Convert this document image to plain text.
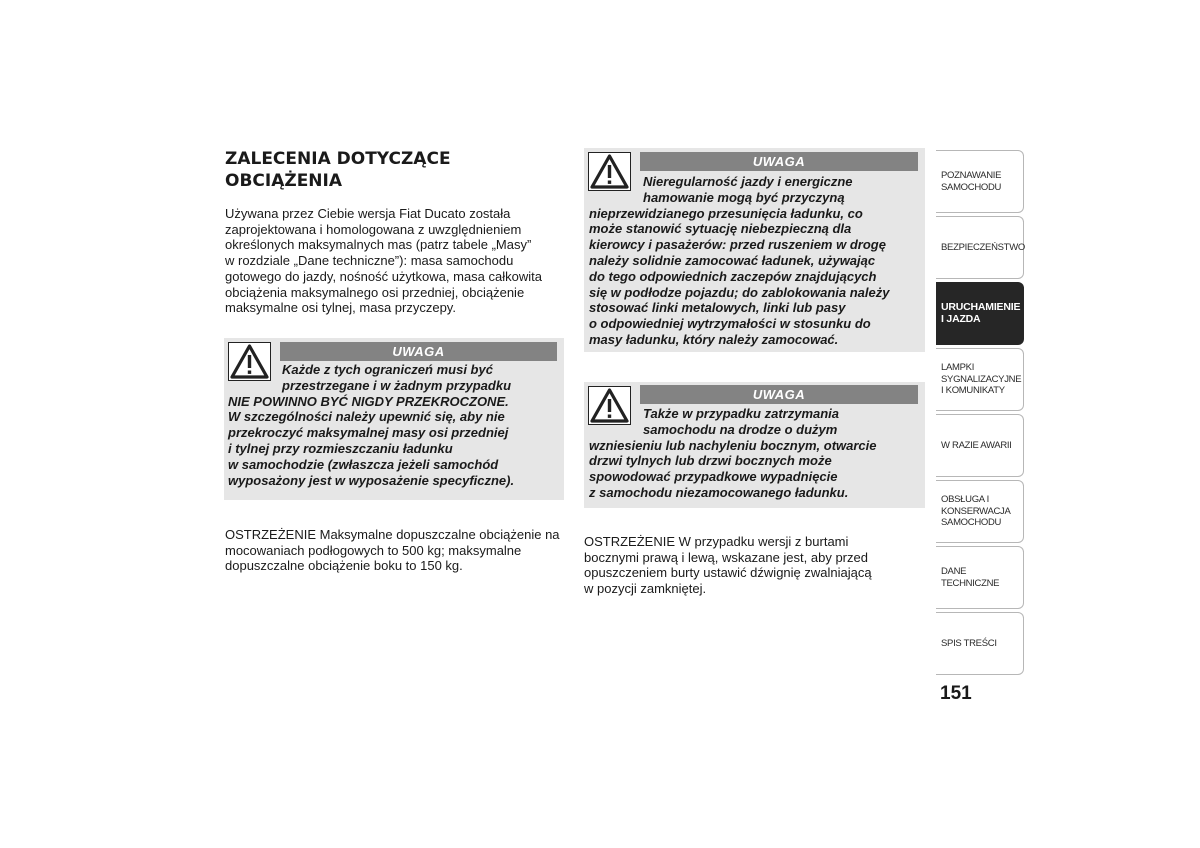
ZALECENIA DOTYCZĄCE
OBCIĄŻENIA

Używana przez Ciebie wersja Fiat Ducato została
zaprojektowana i homologowana z uwzględnieniem
określonych maksymalnych mas (patrz tabele „Masy”
w rozdziale „Dane techniczne”): masa samochodu
gotowego do jazdy, nośność użytkowa, masa całkowita
obciążenia maksymalnego osi przedniej, obciążenie
maksymalne osi tylnej, masa przyczepy.

UWAGA

Każde z tych ograniczeń musi być
przestrzegane i w żadnym przypadku
NIE POWINNO BYĆ NIGDY PRZEKROCZONE.
W szczególności należy upewnić się, aby nie
przekroczyć maksymalnej masy osi przedniej
i tylnej przy rozmieszczaniu ładunku
w samochodzie (zwłaszcza jeżeli samochód
wyposażony jest w wyposażenie specyficzne).

OSTRZEŻENIE Maksymalne dopuszczalne obciążenie na
mocowaniach podłogowych to 500 kg; maksymalne
dopuszczalne obciążenie boku to 150 kg.

UWAGA

Nieregularność jazdy i energiczne
hamowanie mogą być przyczyną
nieprzewidzianego przesunięcia ładunku, co
może stanowić sytuację niebezpieczną dla
kierowcy i pasażerów: przed ruszeniem w drogę
należy solidnie zamocować ładunek, używając
do tego odpowiednich zaczepów znajdujących
się w podłodze pojazdu; do zablokowania należy
stosować linki metalowych, linki lub pasy
o odpowiedniej wytrzymałości w stosunku do
masy ładunku, który należy zamocować.

UWAGA

Także w przypadku zatrzymania
samochodu na drodze o dużym
wzniesieniu lub nachyleniu bocznym, otwarcie
drzwi tylnych lub drzwi bocznych może
spowodować przypadkowe wypadnięcie
z samochodu niezamocowanego ładunku.

OSTRZEŻENIE W przypadku wersji z burtami
bocznymi prawą i lewą, wskazane jest, aby przed
opuszczeniem burty ustawić dźwignię zwalniającą
w pozycji zamkniętej.

POZNAWANIE
SAMOCHODU
BEZPIECZEŃSTWO
URUCHAMIENIE
I JAZDA
LAMPKI
SYGNALIZACYJNE
I KOMUNIKATY
W RAZIE AWARII
OBSŁUGA I
KONSERWACJA
SAMOCHODU
DANE TECHNICZNE
SPIS TREŚCI
151
